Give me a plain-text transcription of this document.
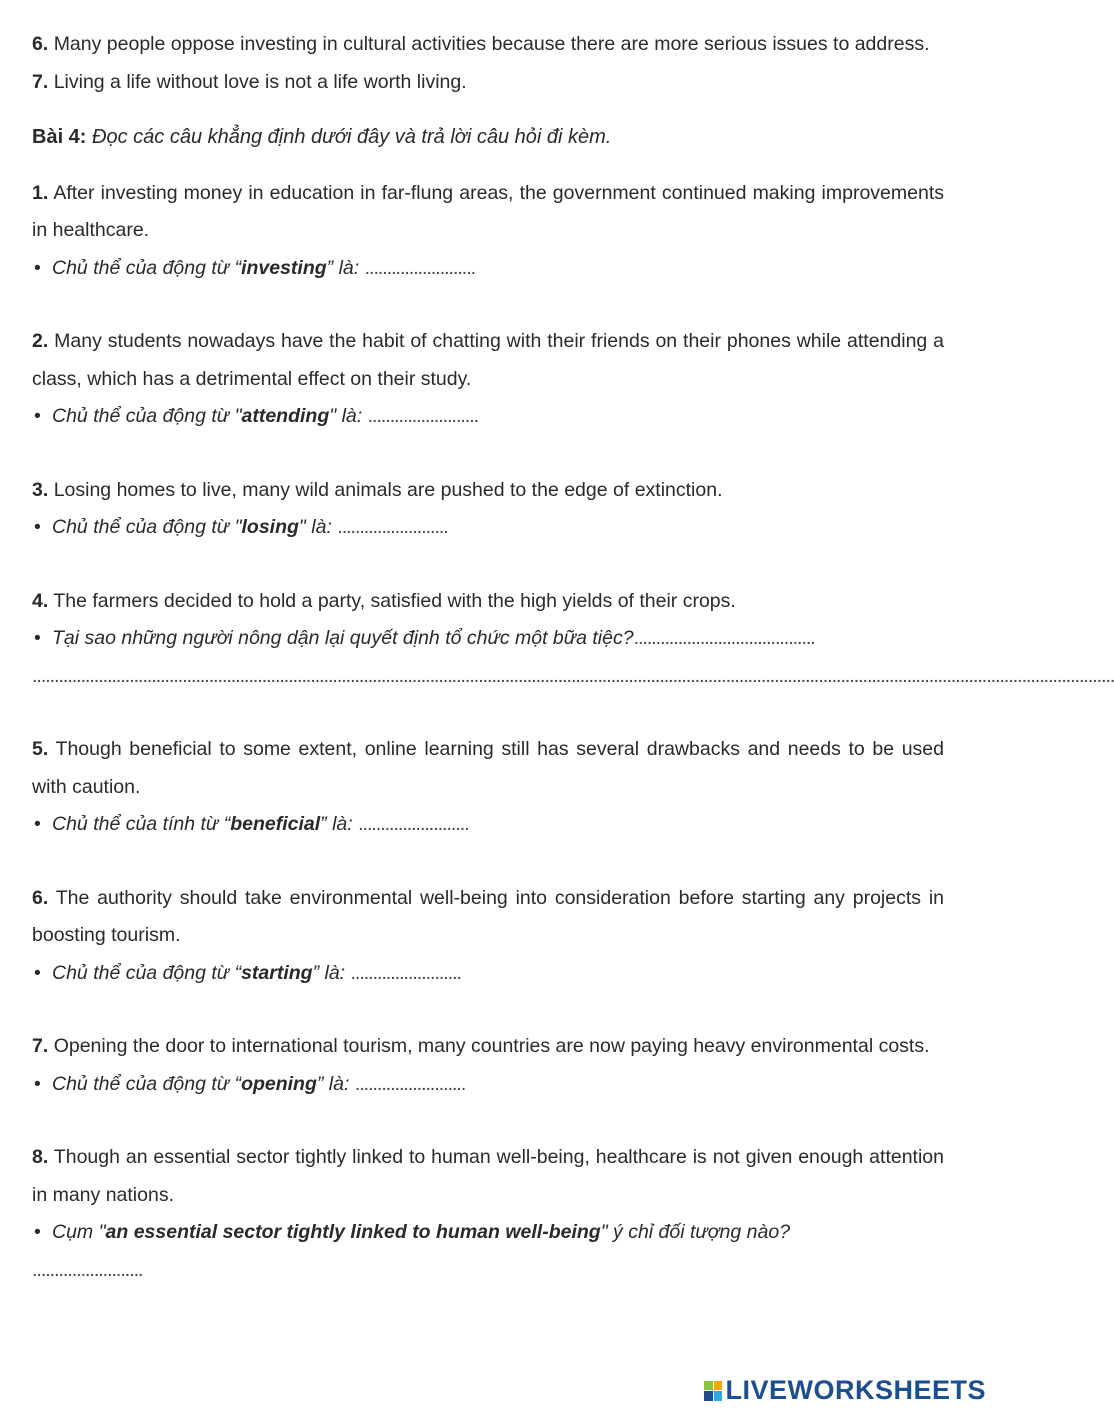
6. Many people oppose investing in cultural activities because there are more serious issues to address.

7. Living a life without love is not a life worth living.

Bài 4: Đọc các câu khẳng định dưới đây và trả lời câu hỏi đi kèm.

1. After investing money in education in far-flung areas, the government continued making improvements in healthcare.

• Chủ thể của động từ “investing” là: .........................

2. Many students nowadays have the habit of chatting with their friends on their phones while attending a class, which has a detrimental effect on their study.

• Chủ thể của động từ "attending" là: .........................

3. Losing homes to live, many wild animals are pushed to the edge of extinction.

• Chủ thể của động từ "losing" là: .........................

4. The farmers decided to hold a party, satisfied with the high yields of their crops.

• Tại sao những người nông dận lại quyết định tổ chức một bữa tiệc?.........................................

.....................................................................................................................................................................................................................................................

5. Though beneficial to some extent, online learning still has several drawbacks and needs to be used with caution.

• Chủ thể của tính từ “beneficial” là: .........................

6. The authority should take environmental well-being into consideration before starting any projects in boosting tourism.

• Chủ thể của động từ “starting” là: .........................

7. Opening the door to international tourism, many countries are now paying heavy environmental costs.

• Chủ thể của động từ “opening” là: .........................

8. Though an essential sector tightly linked to human well-being, healthcare is not given enough attention in many nations.

• Cụm "an essential sector tightly linked to human well-being" ý chỉ đối tượng nào?

.........................

LIVEWORKSHEETS
